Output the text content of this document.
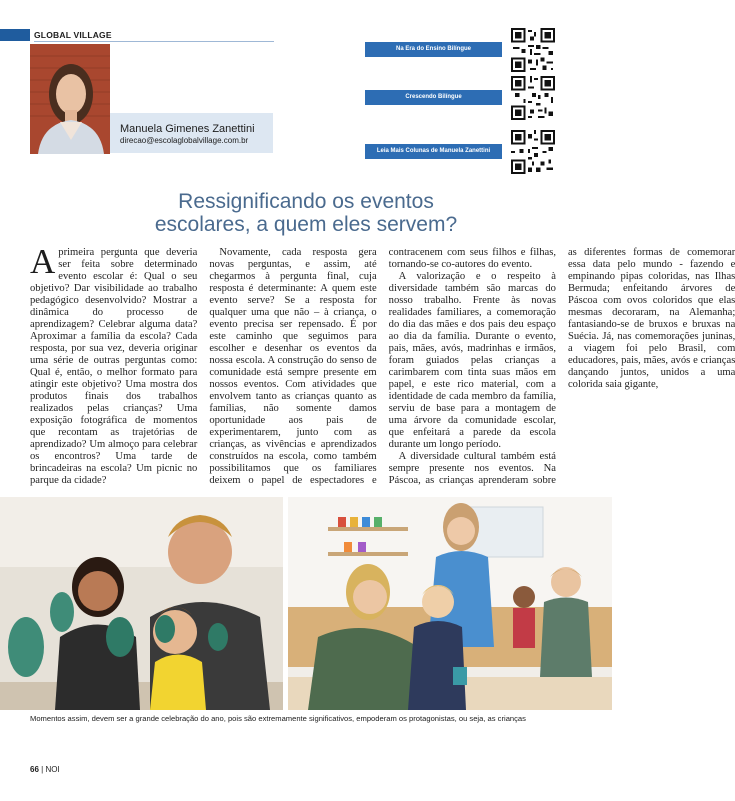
GLOBAL VILLAGE
Manuela Gimenes Zanettini
direcao@escolaglobalvillage.com.br
Na Era do Ensino Bilíngue
Crescendo Bilíngue
Leia Mais Colunas de Manuela Zanettini
Ressignificando os eventos
escolares, a quem eles servem?

Aprimeira pergunta que deveria ser feita sobre determinado evento escolar é: Qual o seu objetivo? Dar visibilidade ao trabalho pedagógico desenvolvido? Mostrar a dinâmica do processo de aprendizagem? Celebrar alguma data? Aproximar a família da escola? Cada resposta, por sua vez, deveria originar uma série de outras perguntas como: Qual é, então, o melhor formato para atingir este objetivo? Uma mostra dos produtos finais dos trabalhos realizados pelas crianças? Uma exposição fotográfica de momentos que recontam as trajetórias de aprendizado? Um almoço para celebrar os encontros? Uma tarde de brincadeiras na escola? Um picnic no parque da cidade?

Novamente, cada resposta gera novas perguntas, e assim, até chegarmos à pergunta final, cuja resposta é determinante: A quem este evento serve? Se a resposta for qualquer uma que não – à criança, o evento precisa ser repensado. É por este caminho que seguimos para escolher e desenhar os eventos da nossa escola. A construção do senso de comunidade está sempre presente em nossos eventos. Com atividades que envolvem tanto as crianças quanto as famílias, não somente damos oportunidade aos pais de experimentarem, junto com as crianças, as vivências e aprendizados construídos na escola, como também possibilitamos que os familiares deixem o papel de espectadores e contracenem com seus filhos e filhas, tornando-se co-autores do evento.

A valorização e o respeito à diversidade também são marcas do nosso trabalho. Frente às novas realidades familiares, a comemoração do dia das mães e dos pais deu espaço ao dia da família. Durante o evento, pais, mães, avós, madrinhas e irmãos, foram guiados pelas crianças a carimbarem com tinta suas mãos em papel, e este rico material, com a identidade de cada membro da família, serviu de base para a montagem de uma árvore da comunidade escolar, que enfeitará a parede da escola durante um longo período.

A diversidade cultural também está sempre presente nos eventos. Na Páscoa, as crianças aprenderam sobre as diferentes formas de comemorar essa data pelo mundo - fazendo e empinando pipas coloridas, nas Ilhas Bermuda; enfeitando árvores de Páscoa com ovos coloridos que elas mesmas decoraram, na Alemanha; fantasiando-se de bruxos e bruxas na Suécia. Já, nas comemorações juninas, a viagem foi pelo Brasil, com educadores, pais, mães, avós e crianças dançando juntos, unidos a uma colorida saia gigante,

Momentos assim, devem ser a grande celebração do ano, pois são extremamente significativos, empoderam os protagonistas, ou seja, as crianças
66 | NOI
